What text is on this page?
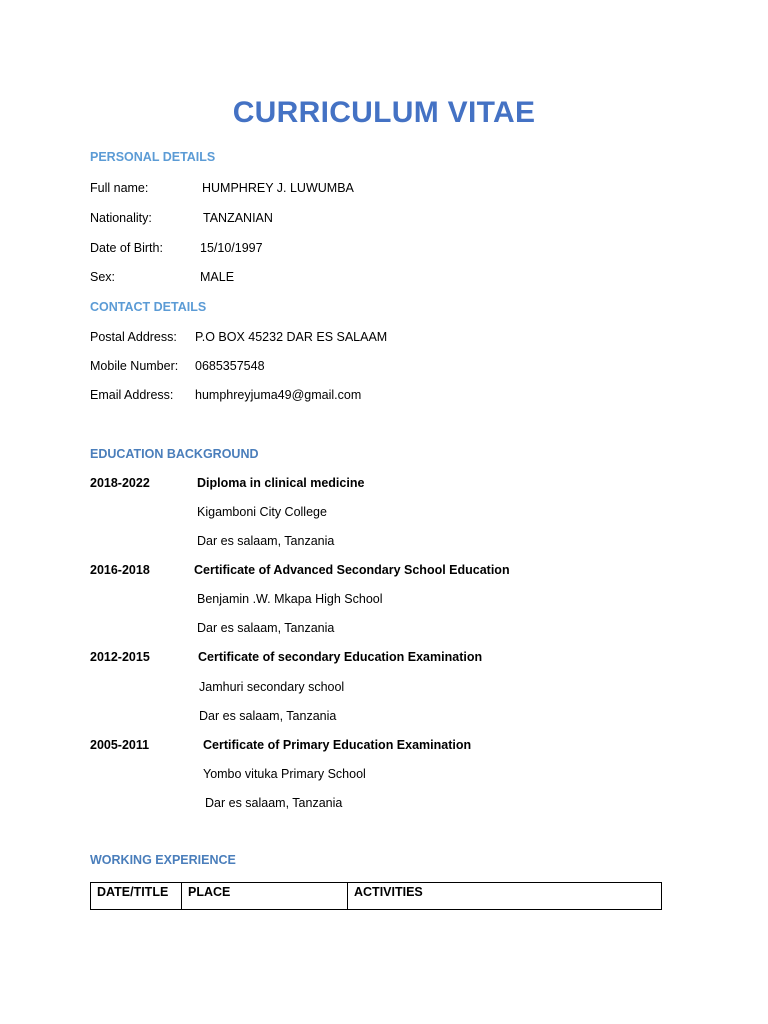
CURRICULUM VITAE
PERSONAL DETAILS
Full name:	HUMPHREY J. LUWUMBA
Nationality:	TANZANIAN
Date of Birth:	15/10/1997
Sex:	MALE
CONTACT DETAILS
Postal Address: P.O BOX 45232 DAR ES SALAAM
Mobile Number: 0685357548
Email Address: humphreyjuma49@gmail.com
EDUCATION BACKGROUND
2018-2022	Diploma in clinical medicine
Kigamboni City College
Dar es salaam, Tanzania
2016-2018	Certificate of Advanced Secondary School Education
Benjamin .W. Mkapa High School
Dar es salaam, Tanzania
2012-2015	Certificate of secondary Education Examination
Jamhuri secondary school
Dar es salaam, Tanzania
2005-2011	Certificate of Primary Education Examination
Yombo vituka Primary School
Dar es salaam, Tanzania
WORKING EXPERIENCE
DATE/TITLE	PLACE	ACTIVITIES
